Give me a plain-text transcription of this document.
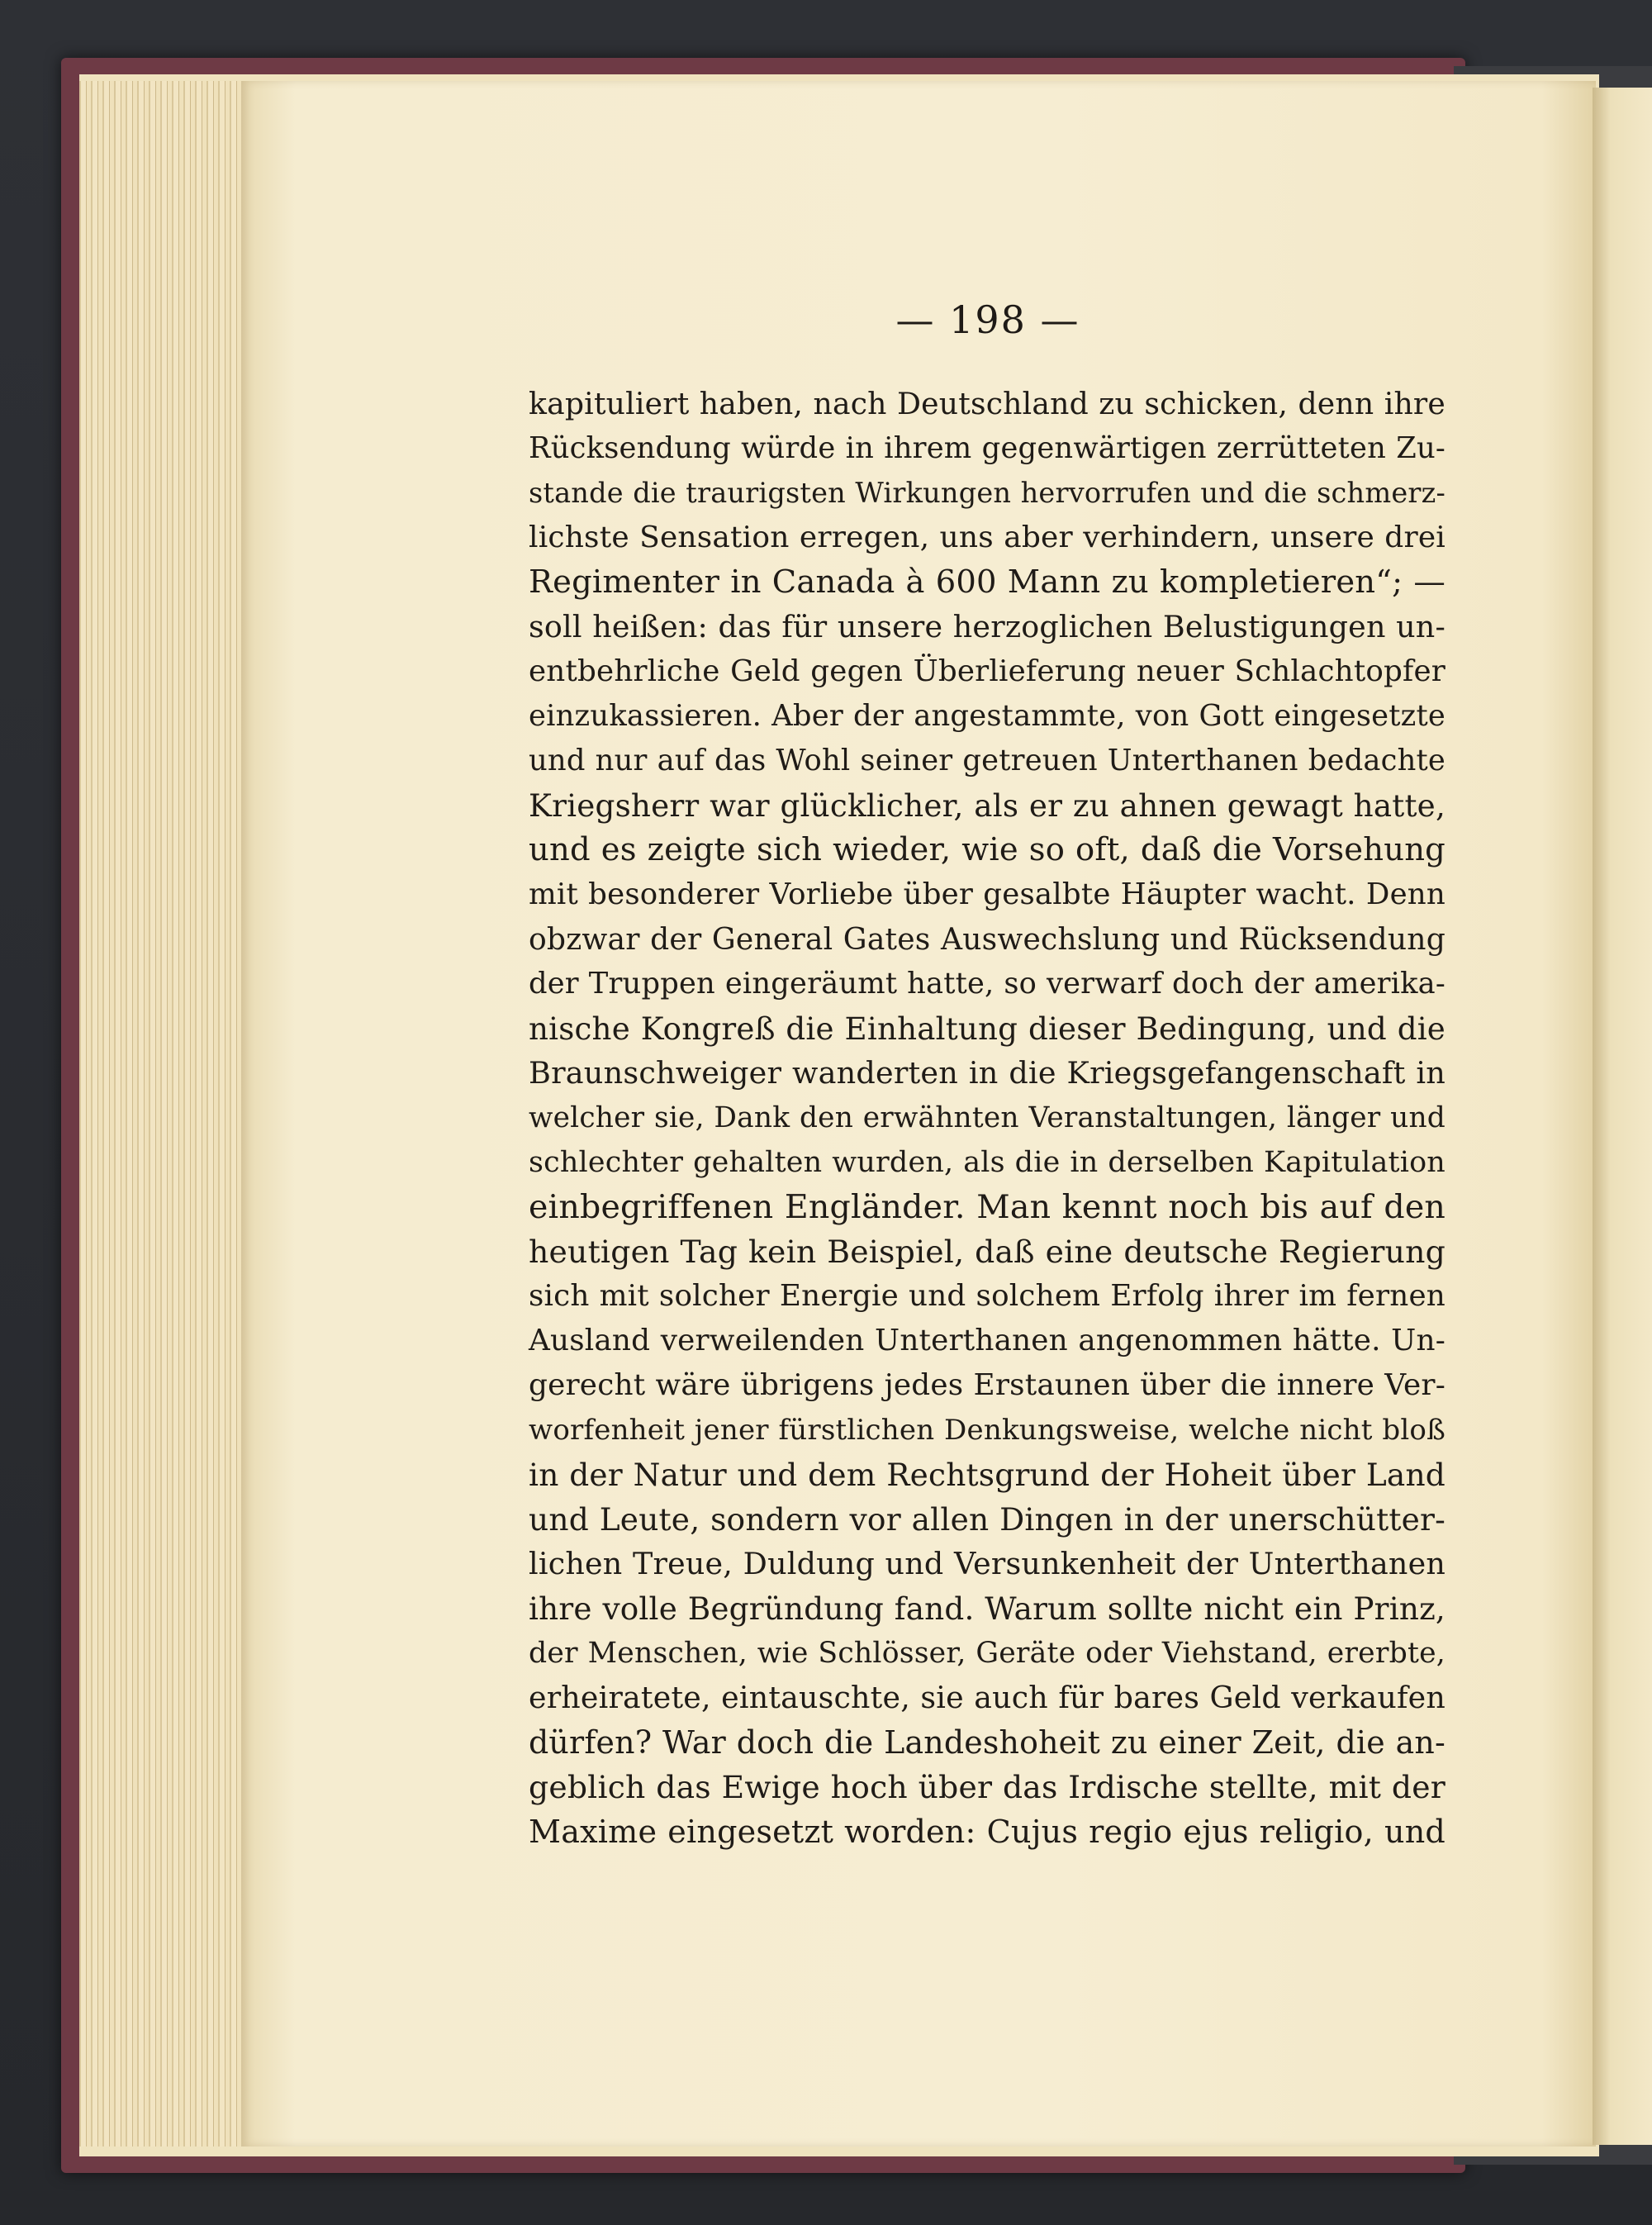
— 198 —
kapituliert haben, nach Deutschland zu schicken, denn ihre
Rücksendung würde in ihrem gegenwärtigen zerrütteten Zu-
stande die traurigsten Wirkungen hervorrufen und die schmerz-
lichste Sensation erregen, uns aber verhindern, unsere drei
Regimenter in Canada à 600 Mann zu kompletieren“; —
soll heißen: das für unsere herzoglichen Belustigungen un-
entbehrliche Geld gegen Überlieferung neuer Schlachtopfer
einzukassieren. Aber der angestammte, von Gott eingesetzte
und nur auf das Wohl seiner getreuen Unterthanen bedachte
Kriegsherr war glücklicher, als er zu ahnen gewagt hatte,
und es zeigte sich wieder, wie so oft, daß die Vorsehung
mit besonderer Vorliebe über gesalbte Häupter wacht. Denn
obzwar der General Gates Auswechslung und Rücksendung
der Truppen eingeräumt hatte, so verwarf doch der amerika-
nische Kongreß die Einhaltung dieser Bedingung, und die
Braunschweiger wanderten in die Kriegsgefangenschaft in
welcher sie, Dank den erwähnten Veranstaltungen, länger und
schlechter gehalten wurden, als die in derselben Kapitulation
einbegriffenen Engländer. Man kennt noch bis auf den
heutigen Tag kein Beispiel, daß eine deutsche Regierung
sich mit solcher Energie und solchem Erfolg ihrer im fernen
Ausland verweilenden Unterthanen angenommen hätte. Un-
gerecht wäre übrigens jedes Erstaunen über die innere Ver-
worfenheit jener fürstlichen Denkungsweise, welche nicht bloß
in der Natur und dem Rechtsgrund der Hoheit über Land
und Leute, sondern vor allen Dingen in der unerschütter-
lichen Treue, Duldung und Versunkenheit der Unterthanen
ihre volle Begründung fand. Warum sollte nicht ein Prinz,
der Menschen, wie Schlösser, Geräte oder Viehstand, ererbte,
erheiratete, eintauschte, sie auch für bares Geld verkaufen
dürfen? War doch die Landeshoheit zu einer Zeit, die an-
geblich das Ewige hoch über das Irdische stellte, mit der
Maxime eingesetzt worden: Cujus regio ejus religio, und
